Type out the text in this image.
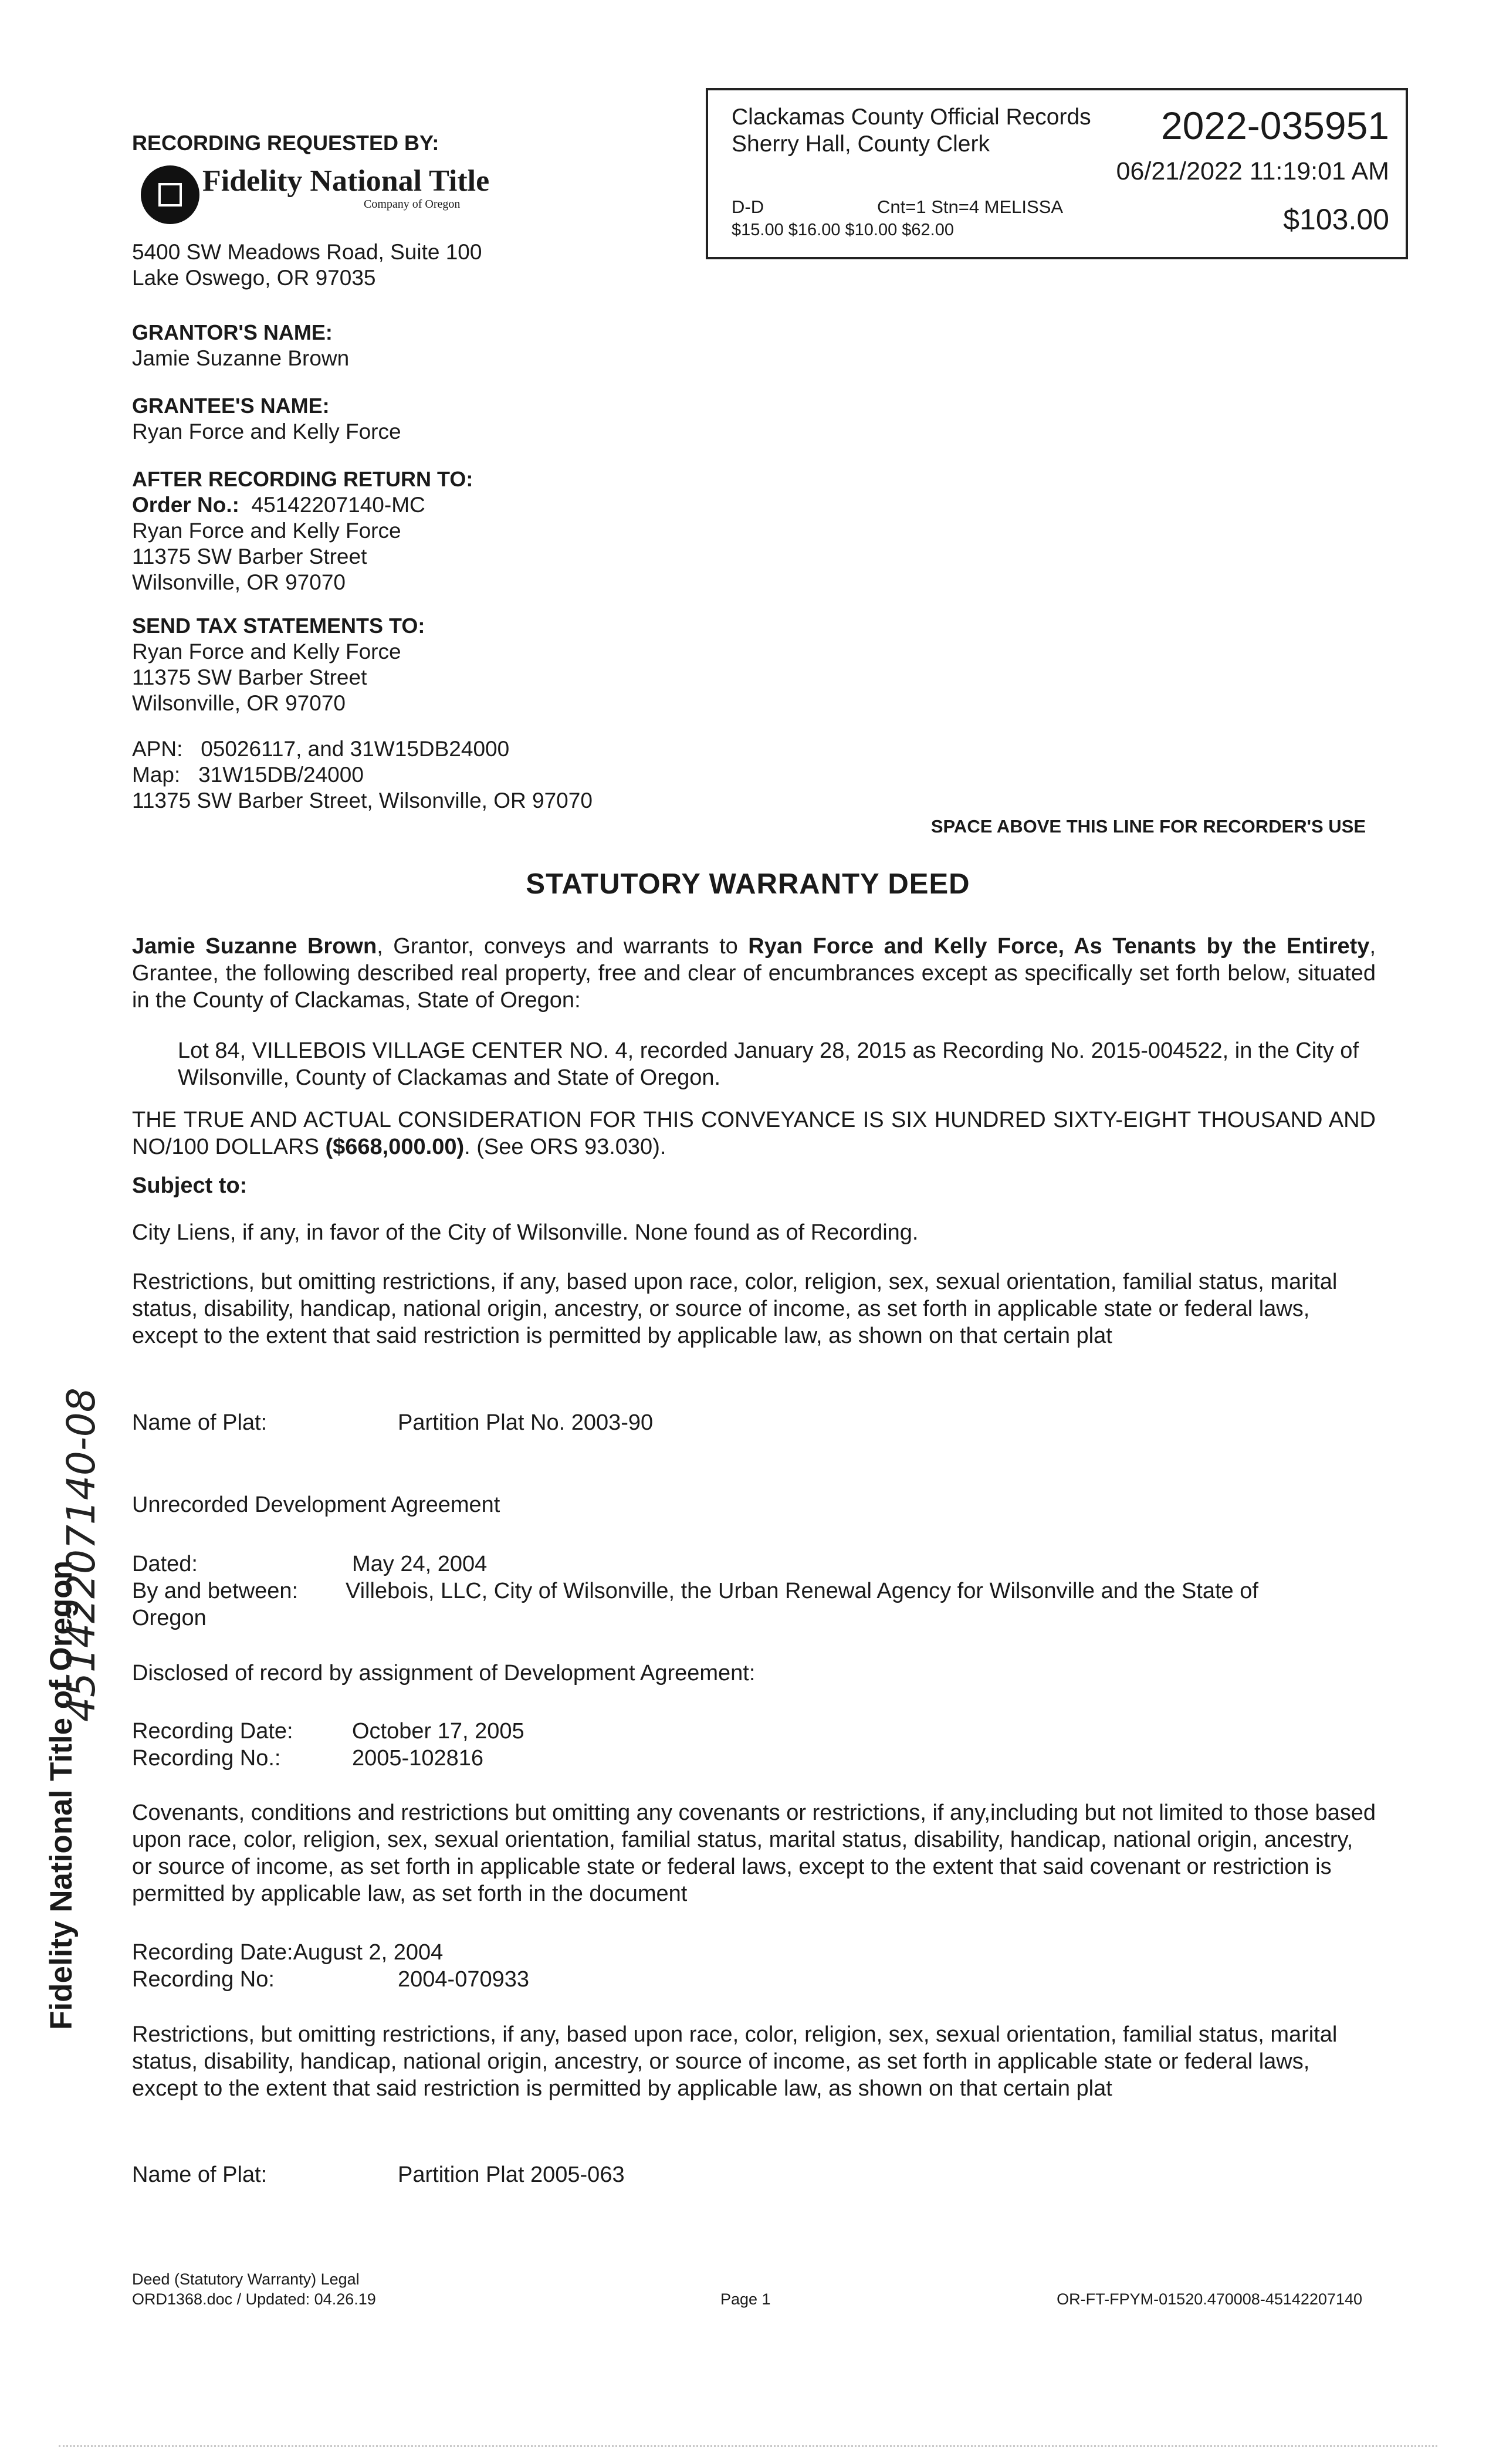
RECORDING REQUESTED BY:
Fidelity National Title
Company of Oregon
5400 SW Meadows Road, Suite 100
Lake Oswego, OR 97035
Clackamas County Official Records
Sherry Hall, County Clerk	2022-035951
06/21/2022 11:19:01 AM
D-D	Cnt=1 Stn=4 MELISSA
$15.00 $16.00 $10.00 $62.00	$103.00
GRANTOR'S NAME:
Jamie Suzanne Brown
GRANTEE'S NAME:
Ryan Force and Kelly Force
AFTER RECORDING RETURN TO:
Order No.: 45142207140-MC
Ryan Force and Kelly Force
11375 SW Barber Street
Wilsonville, OR 97070
SEND TAX STATEMENTS TO:
Ryan Force and Kelly Force
11375 SW Barber Street
Wilsonville, OR 97070
APN: 05026117, and 31W15DB24000
Map: 31W15DB/24000
11375 SW Barber Street, Wilsonville, OR 97070
SPACE ABOVE THIS LINE FOR RECORDER'S USE
STATUTORY WARRANTY DEED
Jamie Suzanne Brown, Grantor, conveys and warrants to Ryan Force and Kelly Force, As Tenants by the Entirety, Grantee, the following described real property, free and clear of encumbrances except as specifically set forth below, situated in the County of Clackamas, State of Oregon:
Lot 84, VILLEBOIS VILLAGE CENTER NO. 4, recorded January 28, 2015 as Recording No. 2015-004522, in the City of Wilsonville, County of Clackamas and State of Oregon.
THE TRUE AND ACTUAL CONSIDERATION FOR THIS CONVEYANCE IS SIX HUNDRED SIXTY-EIGHT THOUSAND AND NO/100 DOLLARS ($668,000.00). (See ORS 93.030).
Subject to:
City Liens, if any, in favor of the City of Wilsonville. None found as of Recording.
Restrictions, but omitting restrictions, if any, based upon race, color, religion, sex, sexual orientation, familial status, marital status, disability, handicap, national origin, ancestry, or source of income, as set forth in applicable state or federal laws, except to the extent that said restriction is permitted by applicable law, as shown on that certain plat
Name of Plat:	Partition Plat No. 2003-90
Unrecorded Development Agreement
Dated:	May 24, 2004
By and between: Villebois, LLC, City of Wilsonville, the Urban Renewal Agency for Wilsonville and the State of
Oregon
Disclosed of record by assignment of Development Agreement:
Recording Date:	October 17, 2005
Recording No.:	2005-102816
Covenants, conditions and restrictions but omitting any covenants or restrictions, if any,including but not limited to those based upon race, color, religion, sex, sexual orientation, familial status, marital status, disability, handicap, national origin, ancestry, or source of income, as set forth in applicable state or federal laws, except to the extent that said covenant or restriction is permitted by applicable law, as set forth in the document
Recording Date:August 2, 2004
Recording No:	2004-070933
Restrictions, but omitting restrictions, if any, based upon race, color, religion, sex, sexual orientation, familial status, marital status, disability, handicap, national origin, ancestry, or source of income, as set forth in applicable state or federal laws, except to the extent that said restriction is permitted by applicable law, as shown on that certain plat
Name of Plat:	Partition Plat 2005-063
Fidelity National Title of Oregon
45142207140-08
Deed (Statutory Warranty) Legal
ORD1368.doc / Updated: 04.26.19	Page 1	OR-FT-FPYM-01520.470008-45142207140
